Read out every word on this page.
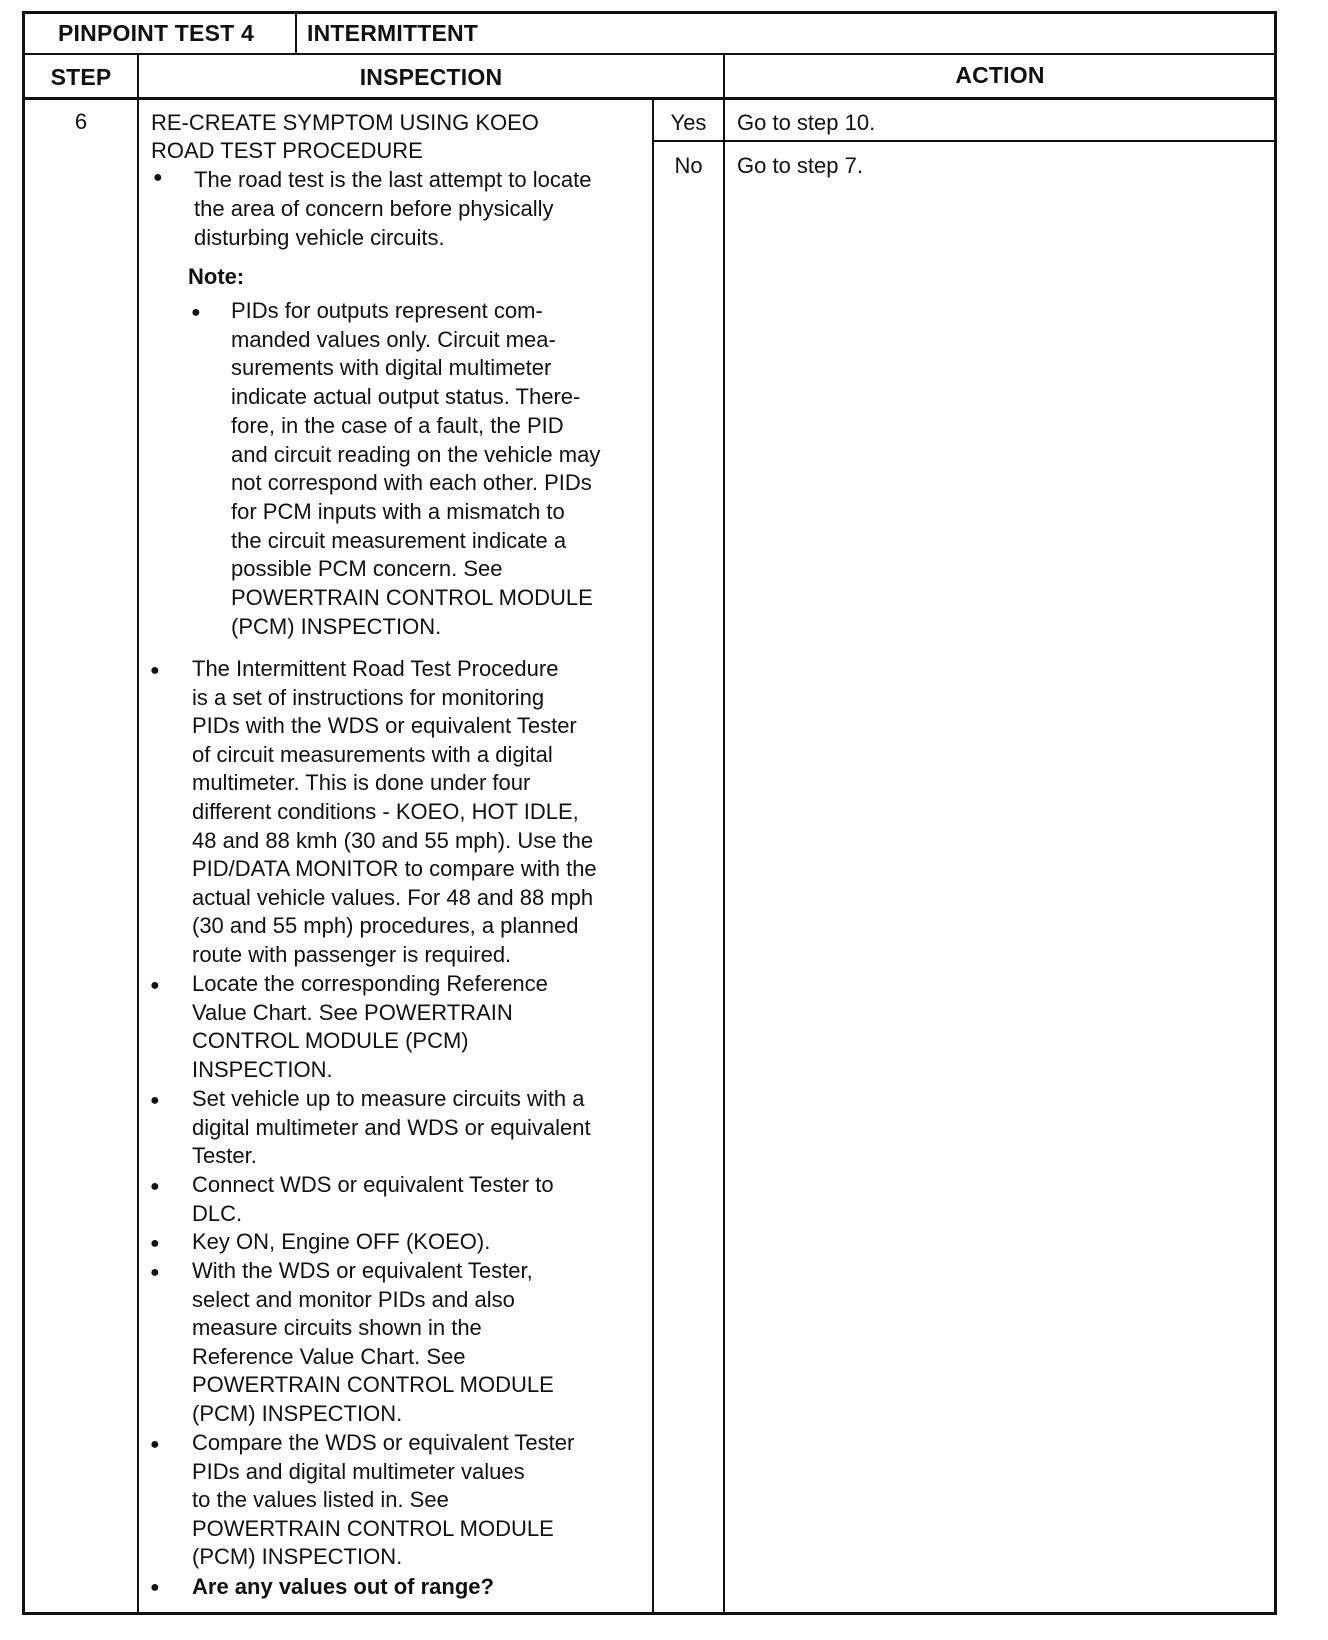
PINPOINT TEST 4 INTERMITTENT
STEP	INSPECTION	ACTION
6	RE-CREATE SYMPTOM USING KOEO
ROAD TEST PROCEDURE
● The road test is the last attempt to locate
the area of concern before physically
disturbing vehicle circuits.
Note:
● PIDs for outputs represent com-
manded values only. Circuit mea-
surements with digital multimeter
indicate actual output status. There-
fore, in the case of a fault, the PID
and circuit reading on the vehicle may
not correspond with each other. PIDs
for PCM inputs with a mismatch to
the circuit measurement indicate a
possible PCM concern. See
POWERTRAIN CONTROL MODULE
(PCM) INSPECTION.
● The Intermittent Road Test Procedure
is a set of instructions for monitoring
PIDs with the WDS or equivalent Tester
of circuit measurements with a digital
multimeter. This is done under four
different conditions - KOEO, HOT IDLE,
48 and 88 kmh (30 and 55 mph). Use the
PID/DATA MONITOR to compare with the
actual vehicle values. For 48 and 88 mph
(30 and 55 mph) procedures, a planned
route with passenger is required.
● Locate the corresponding Reference
Value Chart. See POWERTRAIN
CONTROL MODULE (PCM)
INSPECTION.
● Set vehicle up to measure circuits with a
digital multimeter and WDS or equivalent
Tester.
● Connect WDS or equivalent Tester to
DLC.
● Key ON, Engine OFF (KOEO).
● With the WDS or equivalent Tester,
select and monitor PIDs and also
measure circuits shown in the
Reference Value Chart. See
POWERTRAIN CONTROL MODULE
(PCM) INSPECTION.
● Compare the WDS or equivalent Tester
PIDs and digital multimeter values
to the values listed in. See
POWERTRAIN CONTROL MODULE
(PCM) INSPECTION.
● Are any values out of range?
Yes	Go to step 10.
No	Go to step 7.
